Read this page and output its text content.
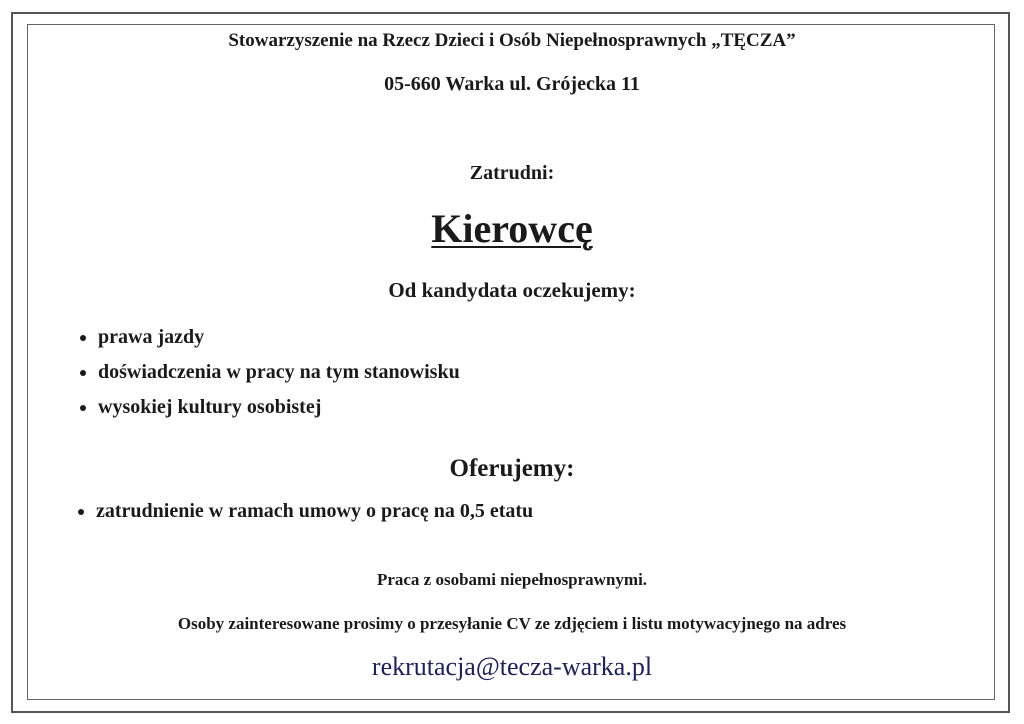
Stowarzyszenie na Rzecz Dzieci i Osób Niepełnosprawnych „TĘCZA”
05-660 Warka ul. Grójecka 11
Zatrudni:
Kierowcę
Od kandydata oczekujemy:
prawa jazdy
doświadczenia w pracy na tym stanowisku
wysokiej kultury osobistej
Oferujemy:
zatrudnienie w ramach umowy o pracę na 0,5 etatu
Praca z osobami niepełnosprawnymi.
Osoby zainteresowane prosimy o przesyłanie CV ze zdjęciem i listu motywacyjnego na adres
rekrutacja@tecza-warka.pl
